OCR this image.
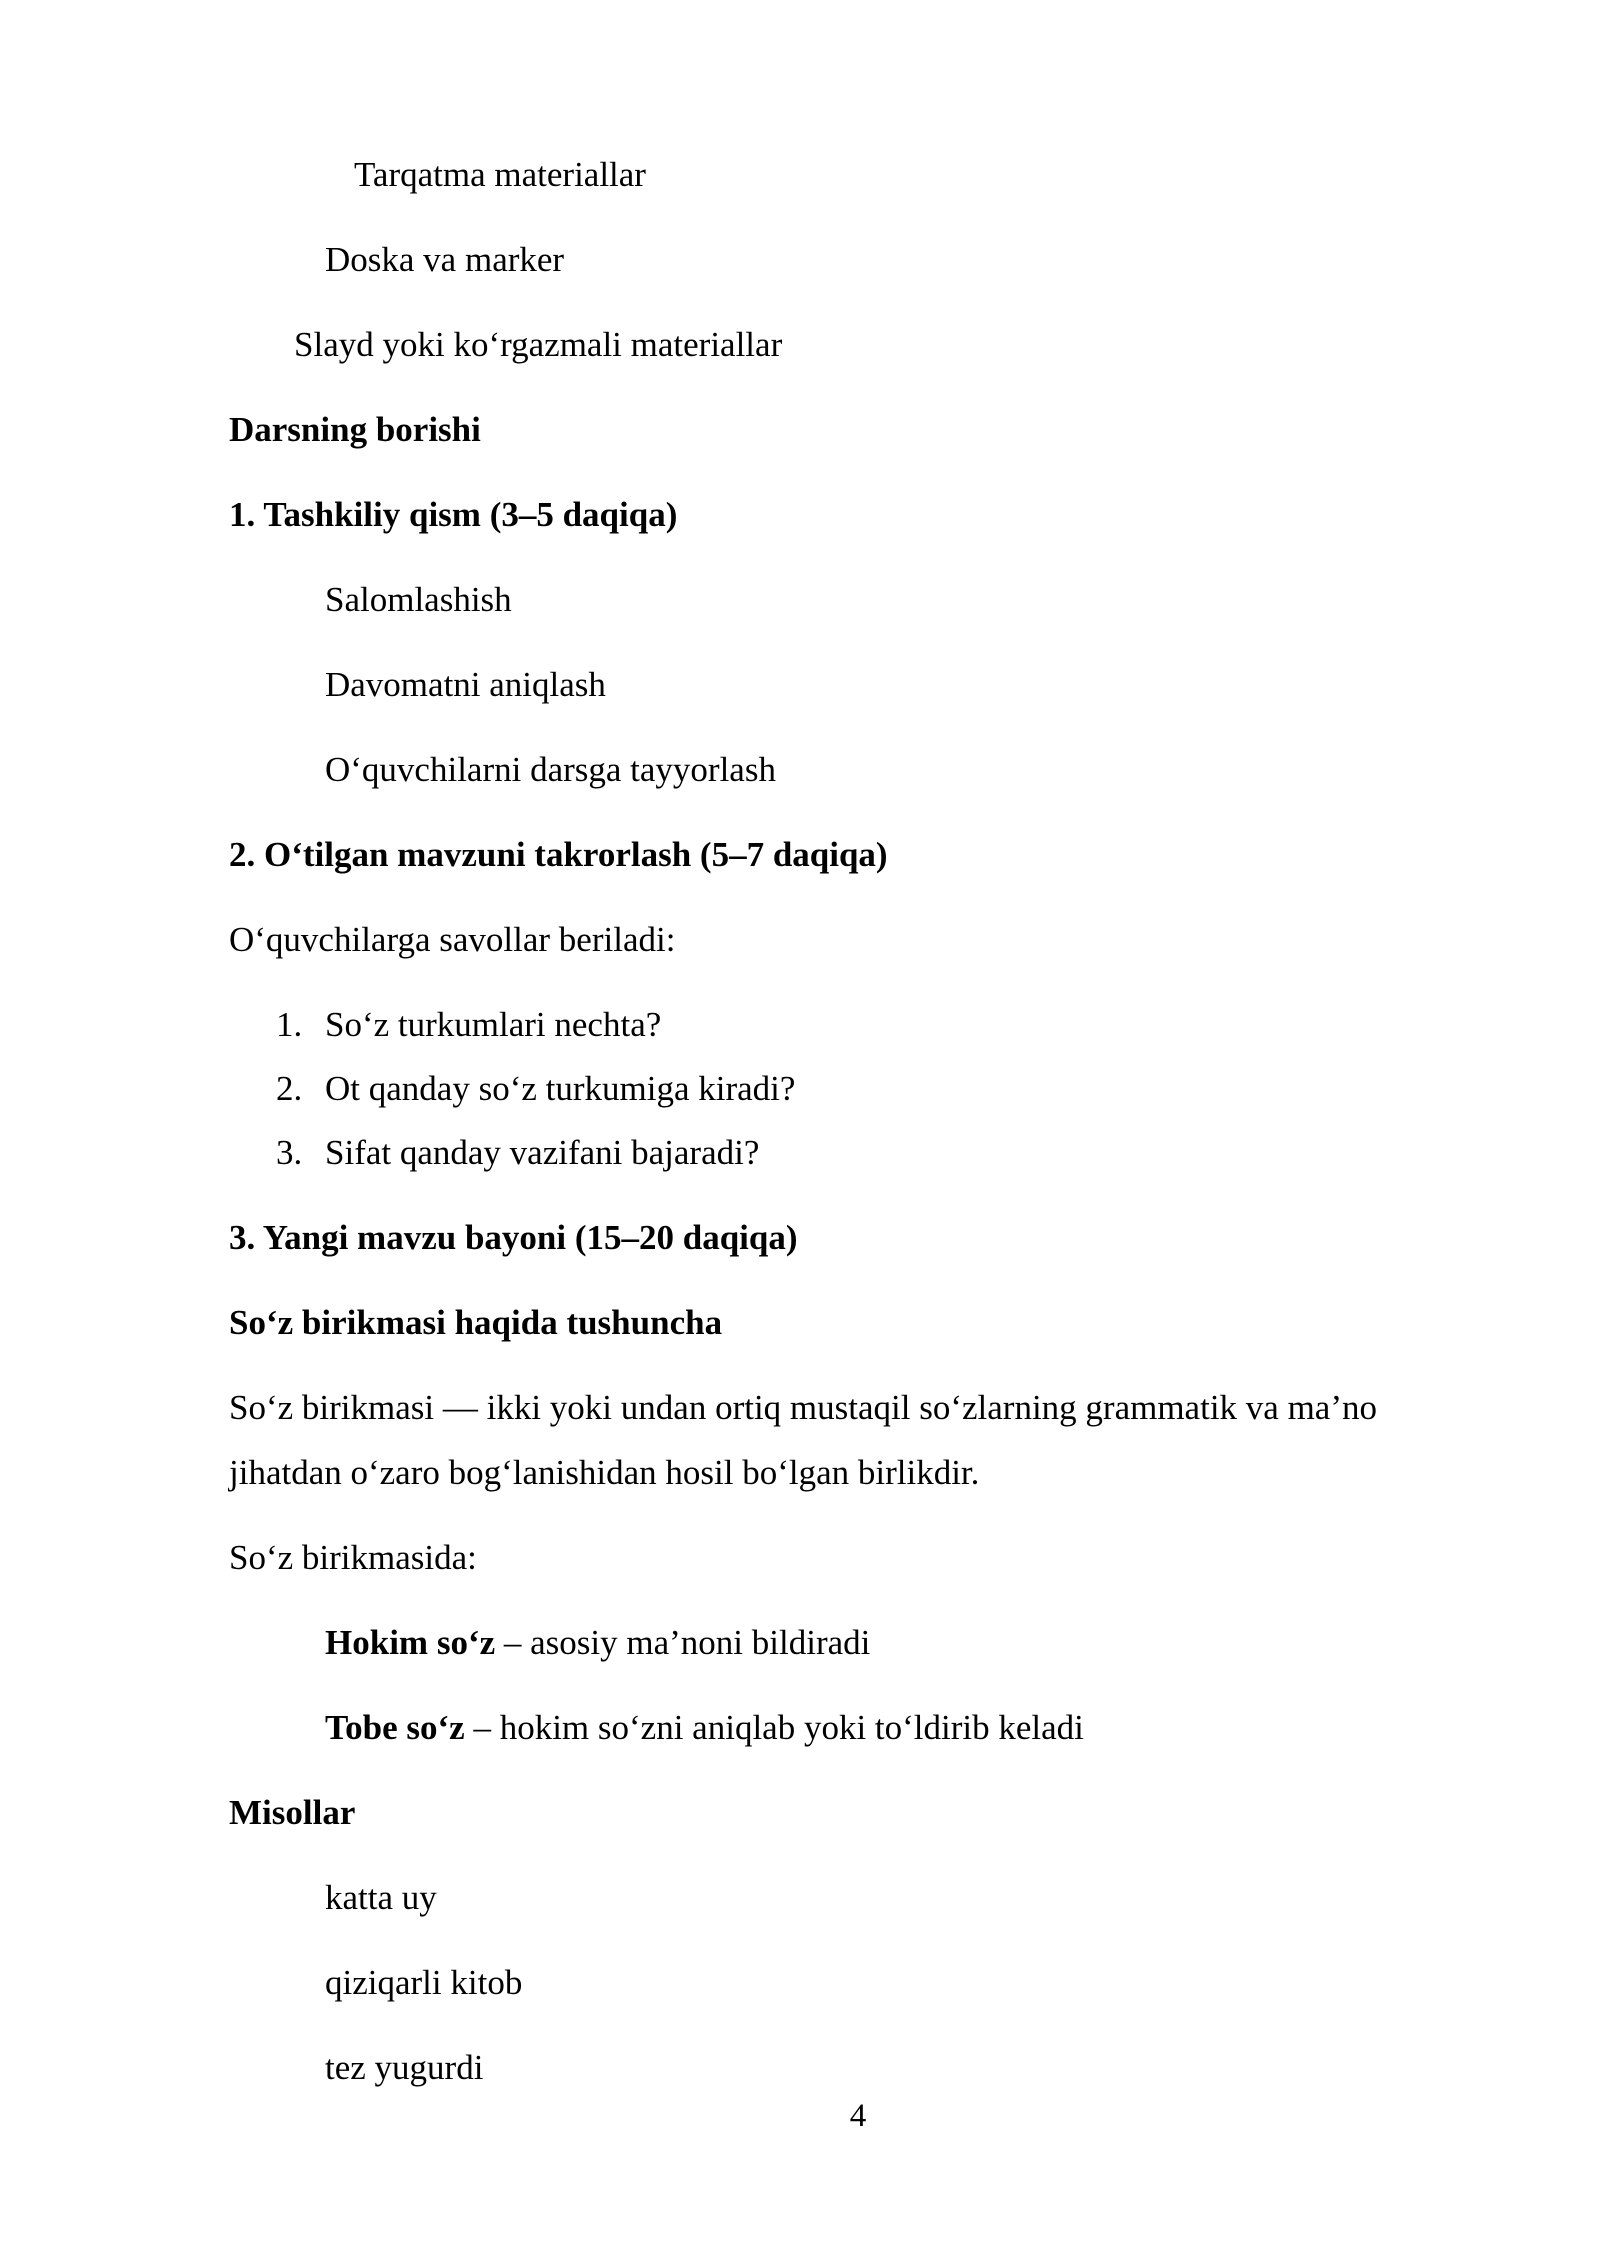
Tarqatma materiallar

Doska va marker

Slayd yoki ko‘rgazmali materiallar

Darsning borishi

1. Tashkiliy qism (3–5 daqiqa)

Salomlashish

Davomatni aniqlash

O‘quvchilarni darsga tayyorlash

2. O‘tilgan mavzuni takrorlash (5–7 daqiqa)

O‘quvchilarga savollar beriladi:

1. So‘z turkumlari nechta?

2. Ot qanday so‘z turkumiga kiradi?

3. Sifat qanday vazifani bajaradi?

3. Yangi mavzu bayoni (15–20 daqiqa)

So‘z birikmasi haqida tushuncha

So‘z birikmasi — ikki yoki undan ortiq mustaqil so‘zlarning grammatik va ma’no

jihatdan o‘zaro bog‘lanishidan hosil bo‘lgan birlikdir.

So‘z birikmasida:

Hokim so‘z – asosiy ma’noni bildiradi

Tobe so‘z – hokim so‘zni aniqlab yoki to‘ldirib keladi

Misollar

katta uy

qiziqarli kitob

tez yugurdi

4
